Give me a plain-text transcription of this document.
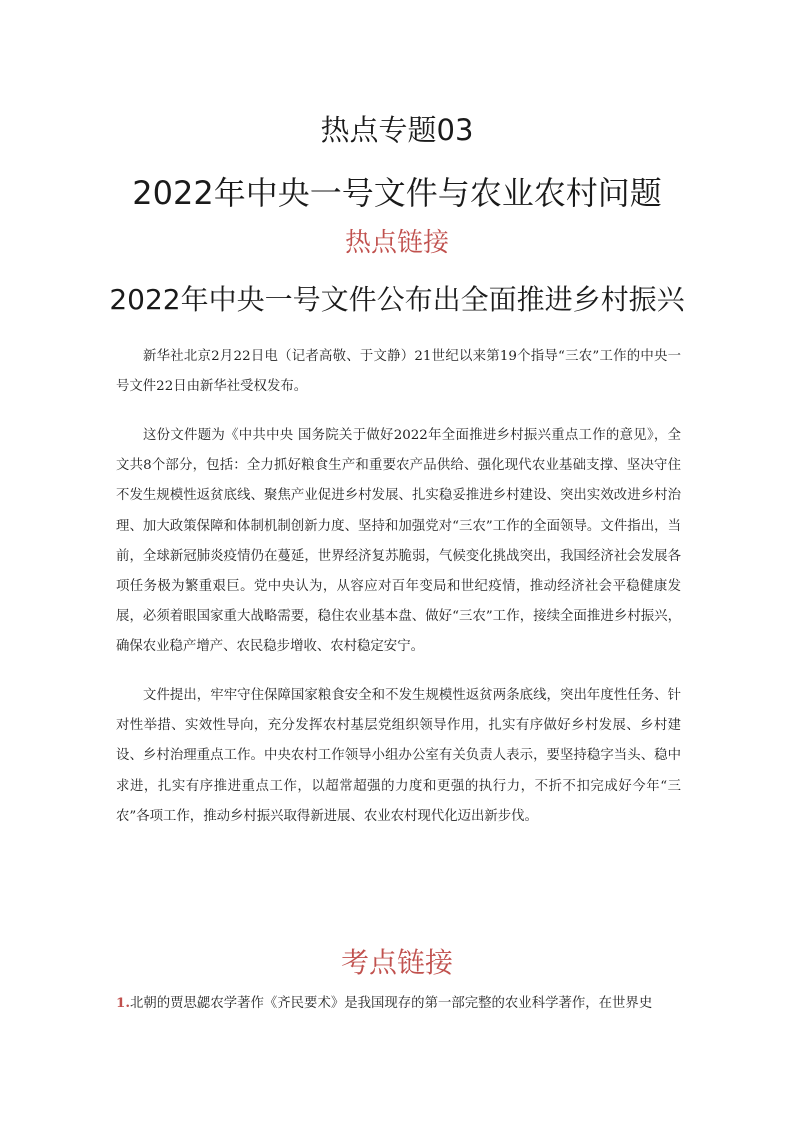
热点专题03
2022年中央一号文件与农业农村问题
热点链接
2022年中央一号文件公布出全面推进乡村振兴

新华社北京2月22日电（记者高敬、于文静）21世纪以来第19个指导“三农”工作的中央一号文件22日由新华社受权发布。

这份文件题为《中共中央 国务院关于做好2022年全面推进乡村振兴重点工作的意见》，全文共8个部分，包括：全力抓好粮食生产和重要农产品供给、强化现代农业基础支撑、坚决守住不发生规模性返贫底线、聚焦产业促进乡村发展、扎实稳妥推进乡村建设、突出实效改进乡村治理、加大政策保障和体制机制创新力度、坚持和加强党对“三农”工作的全面领导。文件指出，当前，全球新冠肺炎疫情仍在蔓延，世界经济复苏脆弱，气候变化挑战突出，我国经济社会发展各项任务极为繁重艰巨。党中央认为，从容应对百年变局和世纪疫情，推动经济社会平稳健康发展，必须着眼国家重大战略需要，稳住农业基本盘、做好“三农”工作，接续全面推进乡村振兴，确保农业稳产增产、农民稳步增收、农村稳定安宁。

文件提出，牢牢守住保障国家粮食安全和不发生规模性返贫两条底线，突出年度性任务、针对性举措、实效性导向，充分发挥农村基层党组织领导作用，扎实有序做好乡村发展、乡村建设、乡村治理重点工作。中央农村工作领导小组办公室有关负责人表示，要坚持稳字当头、稳中求进，扎实有序推进重点工作，以超常超强的力度和更强的执行力，不折不扣完成好今年“三农”各项工作，推动乡村振兴取得新进展、农业农村现代化迈出新步伐。

考点链接
1.北朝的贾思勰农学著作《齐民要术》是我国现存的第一部完整的农业科学著作，在世界史
